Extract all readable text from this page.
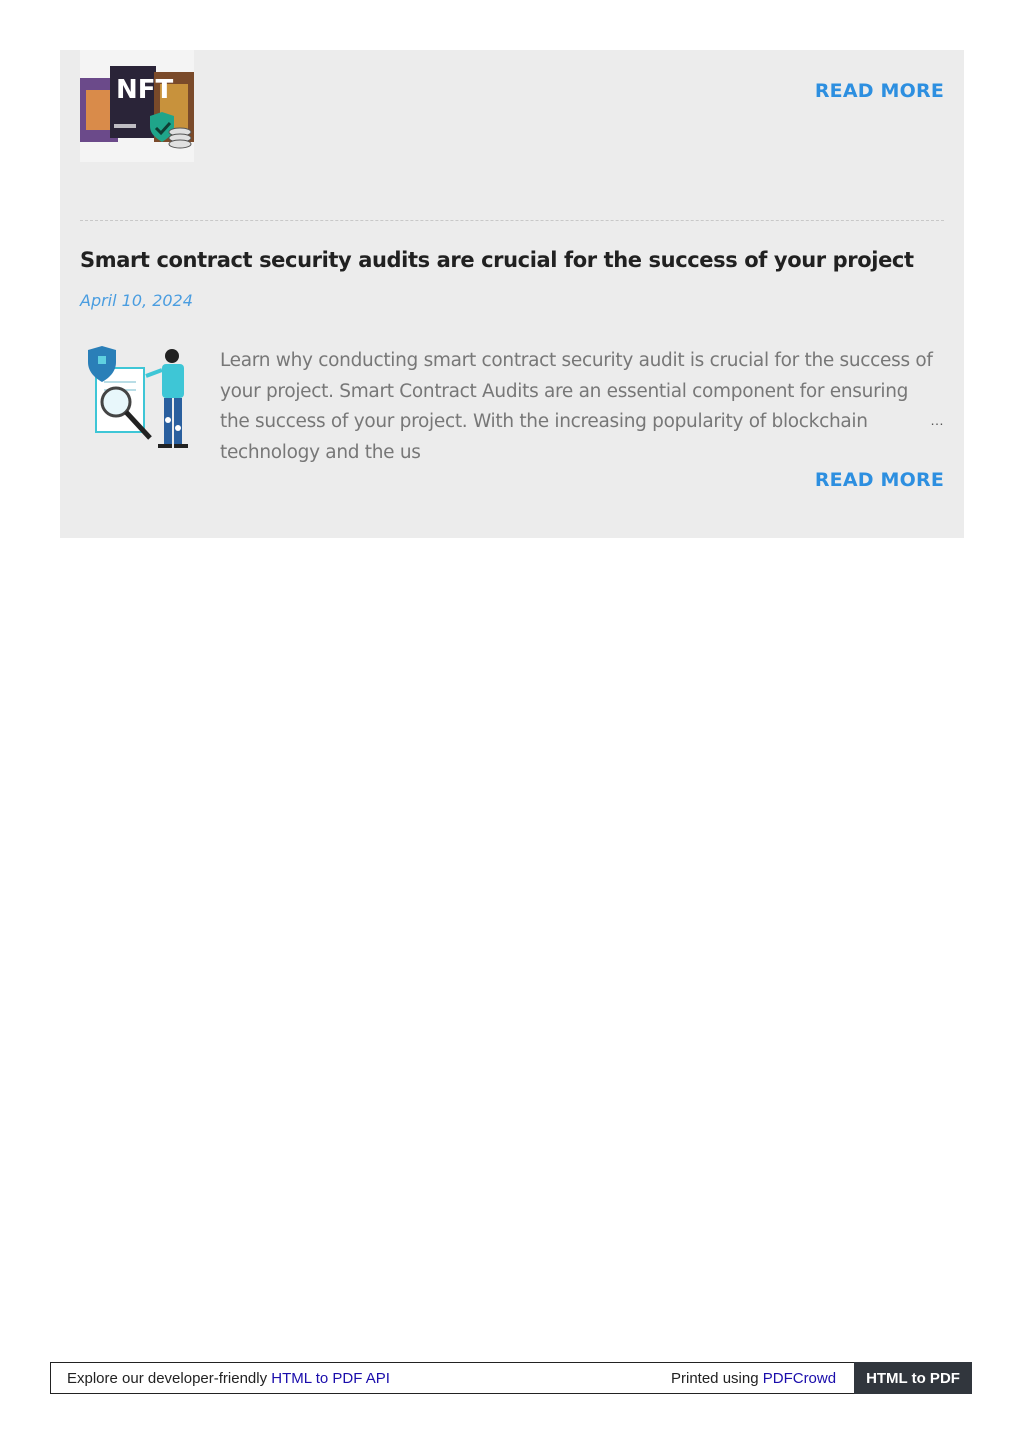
NFT	READ MORE
Smart contract security audits are crucial for the success of your project
April 10, 2024
Learn why conducting smart contract security audit is crucial for the success of your project. Smart Contract Audits are an essential component for ensuring the success of your project. With the increasing popularity of blockchain technology and the us
…
READ MORE
Explore our developer-friendly HTML to PDF API	Printed using PDFCrowd	HTML to PDF
